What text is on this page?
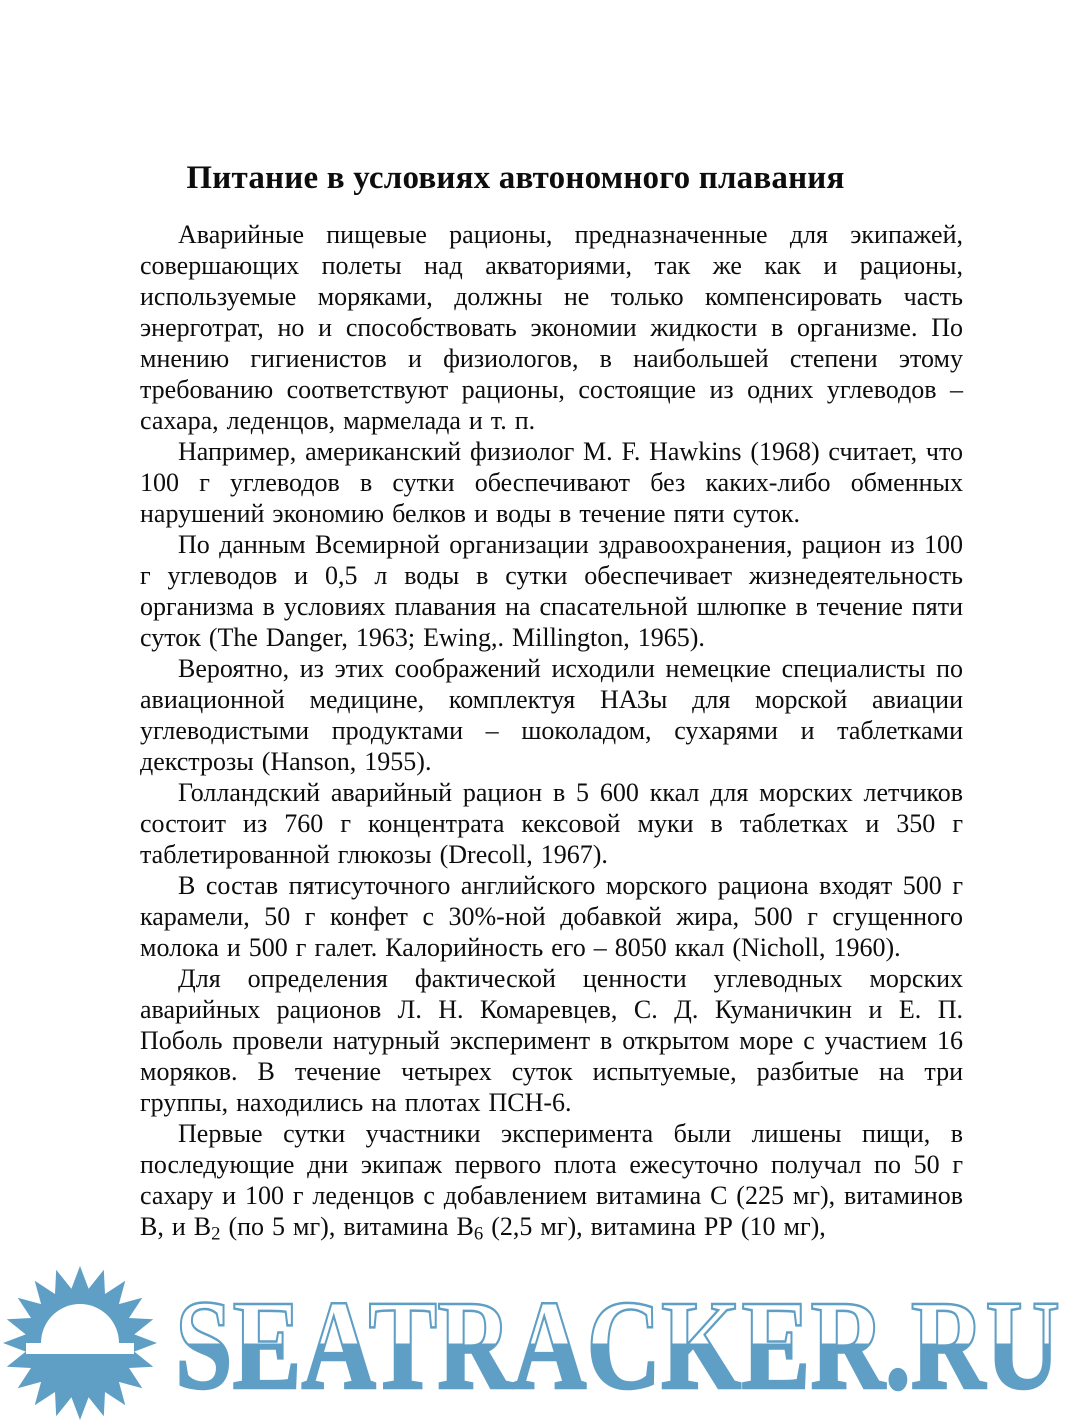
Питание в условиях автономного плавания

Аварийные пищевые рационы, предназначенные для экипажей, совершающих полеты над акваториями, так же как и рационы, используемые моряками, должны не только компенсировать часть энерготрат, но и способствовать экономии жидкости в организме. По мнению гигиенистов и физиологов, в наибольшей степени этому требованию соответствуют рационы, состоящие из одних углеводов – сахара, леденцов, мармелада и т. п.

Например, американский физиолог M. F. Hawkins (1968) считает, что 100 г углеводов в сутки обеспечивают без каких-либо обменных нарушений экономию белков и воды в течение пяти суток.

По данным Всемирной организации здравоохранения, рацион из 100 г углеводов и 0,5 л воды в сутки обеспечивает жизнедеятельность организма в условиях плавания на спасательной шлюпке в течение пяти суток (The Danger, 1963; Ewing,. Millington, 1965).

Вероятно, из этих соображений исходили немецкие специалисты по авиационной медицине, комплектуя НАЗы для морской авиации углеводистыми продуктами – шоколадом, сухарями и таблетками декстрозы (Hanson, 1955).

Голландский аварийный рацион в 5 600 ккал для морских летчиков состоит из 760 г концентрата кексовой муки в таблетках и 350 г таблетированной глюкозы (Drecoll, 1967).

В состав пятисуточного английского морского рациона входят 500 г карамели, 50 г конфет с 30%-ной добавкой жира, 500 г сгущенного молока и 500 г галет. Калорийность его – 8050 ккал (Nicholl, 1960).

Для определения фактической ценности углеводных морских аварийных рационов Л. Н. Комаревцев, С. Д. Куманичкин и Е. П. Поболь провели натурный эксперимент в открытом море с участием 16 моряков. В течение четырех суток испытуемые, разбитые на три группы, находились на плотах ПСН-6.

Первые сутки участники эксперимента были лишены пищи, в последующие дни экипаж первого плота ежесуточно получал по 50 г сахару и 100 г леденцов с добавлением витамина С (225 мг), витаминов В, и $В_2$ (по 5 мг), витамина $В_6$ (2,5 мг), витамина РР (10 мг),

SEATRACKER.RU
